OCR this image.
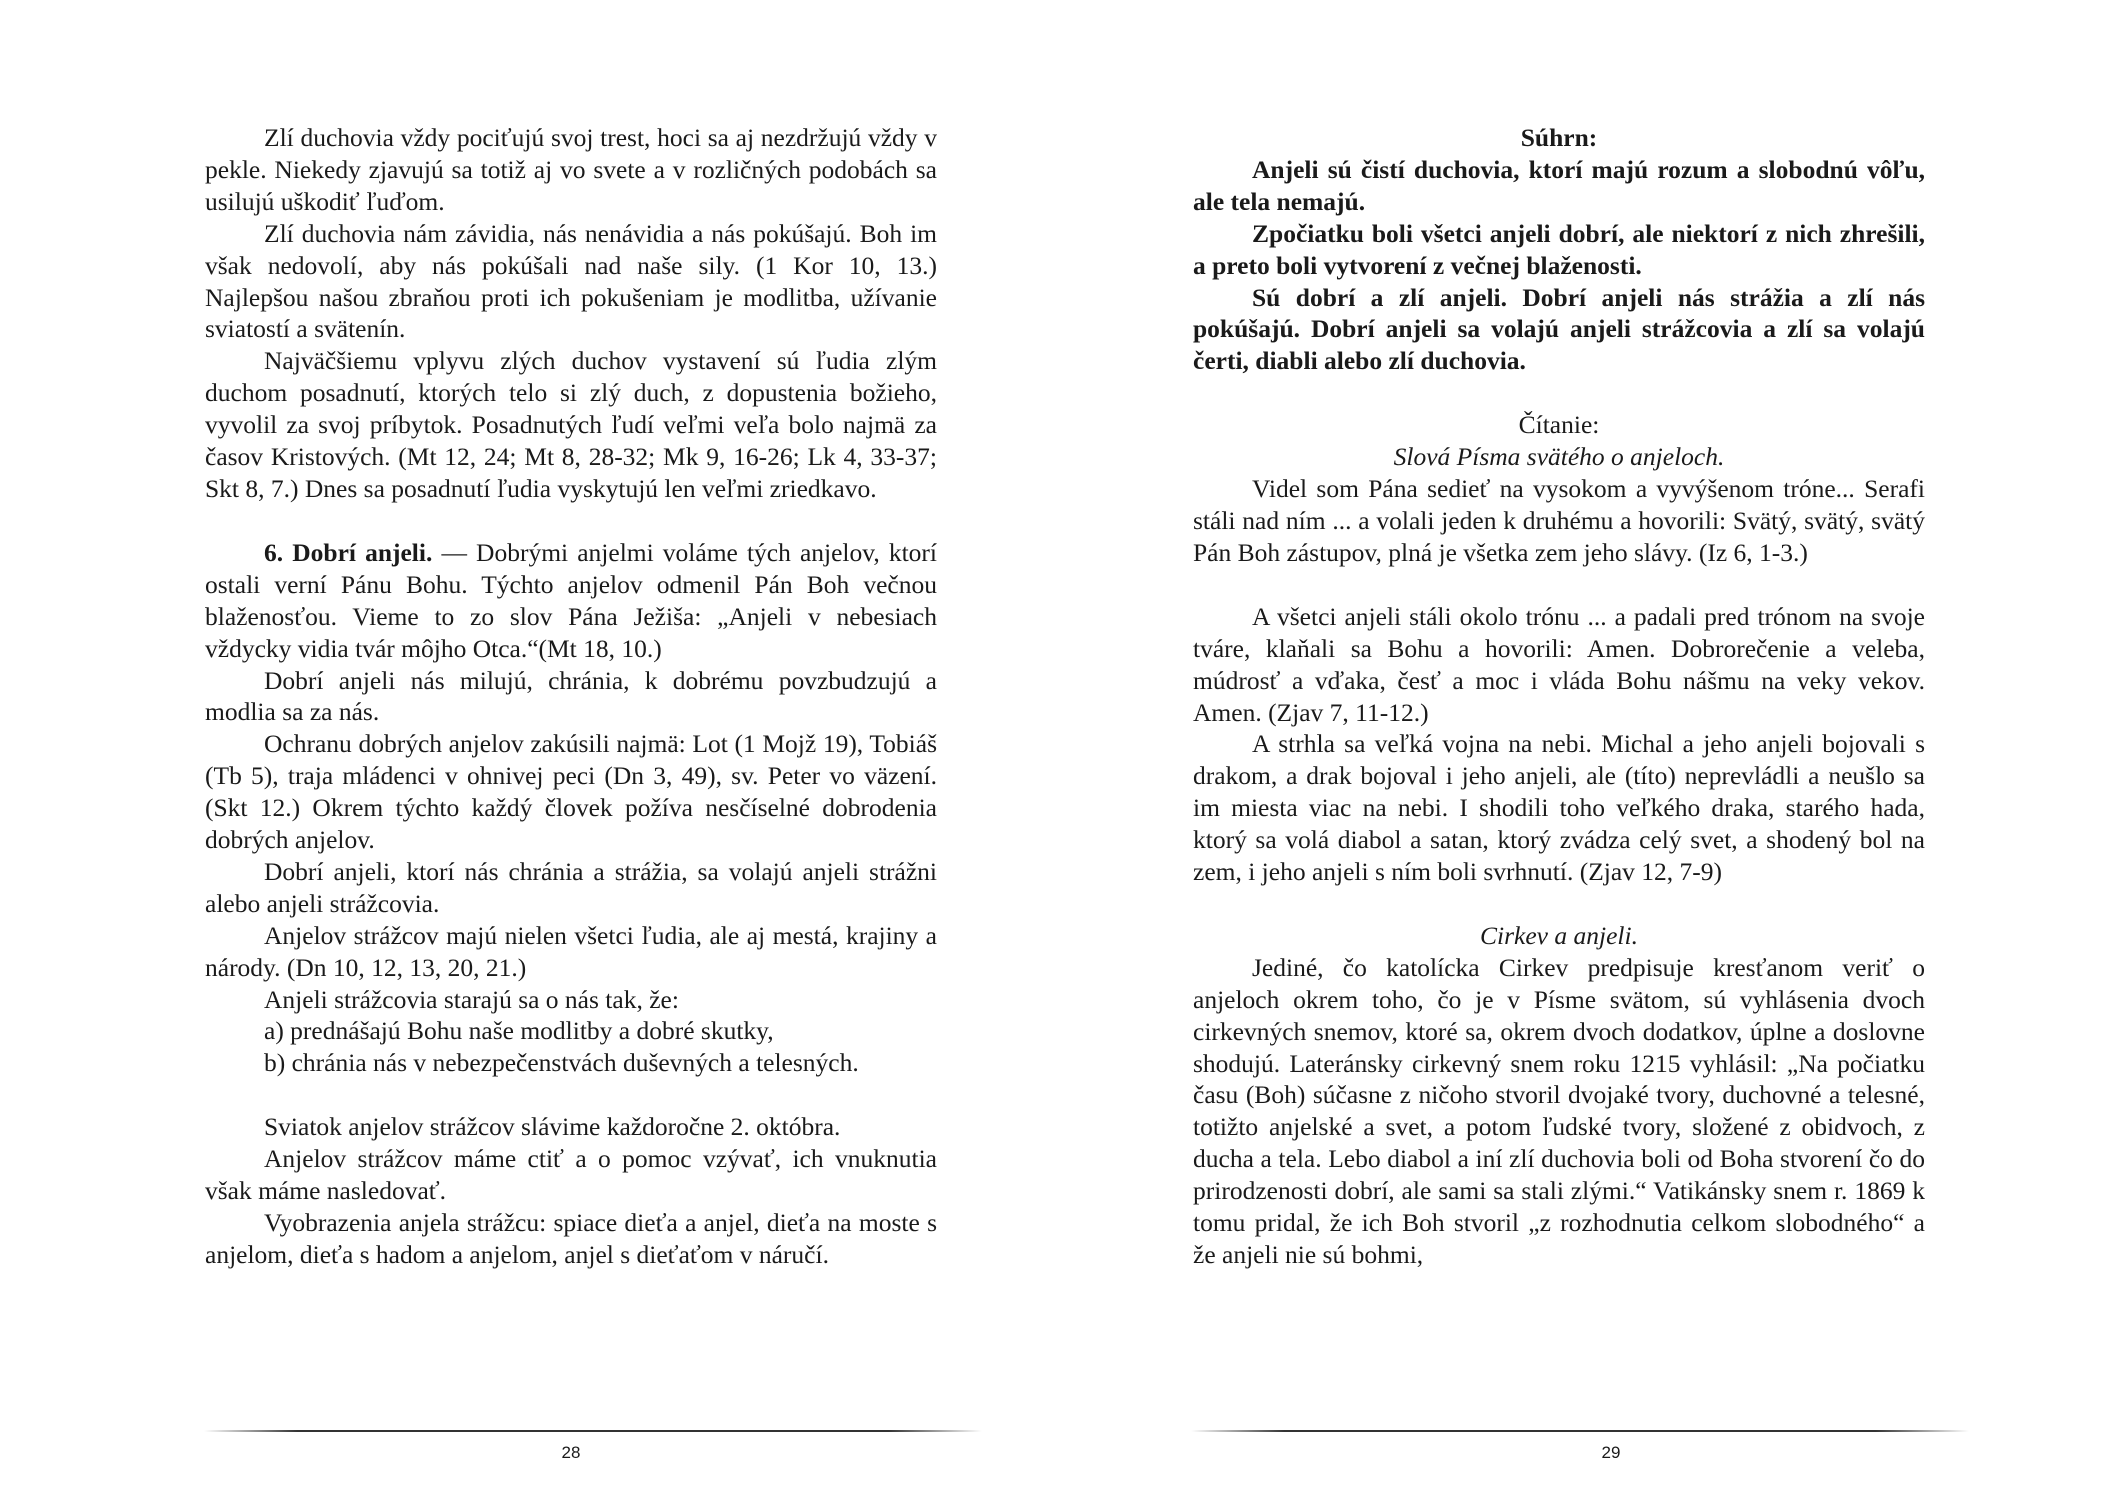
Zlí duchovia vždy pociťujú svoj trest, hoci sa aj nezdržujú vždy v pekle. Niekedy zjavujú sa totiž aj vo svete a v rozličných podobách sa usilujú uškodiť ľuďom.

Zlí duchovia nám závidia, nás nenávidia a nás pokúšajú. Boh im však nedovolí, aby nás pokúšali nad naše sily. (1 Kor 10, 13.) Najlepšou našou zbraňou proti ich pokušeniam je modlitba, užívanie sviatostí a svätenín.

Najväčšiemu vplyvu zlých duchov vystavení sú ľudia zlým duchom posadnutí, ktorých telo si zlý duch, z dopustenia božieho, vyvolil za svoj príbytok. Posadnutých ľudí veľmi veľa bolo najmä za časov Kristových. (Mt 12, 24; Mt 8, 28-32; Mk 9, 16-26; Lk 4, 33-37; Skt 8, 7.) Dnes sa posadnutí ľudia vyskytujú len veľmi zriedkavo.

6. Dobrí anjeli. — Dobrými anjelmi voláme tých anjelov, ktorí ostali verní Pánu Bohu. Týchto anjelov odmenil Pán Boh večnou blaženosťou. Vieme to zo slov Pána Ježiša: „Anjeli v nebesiach vždycky vidia tvár môjho Otca.“(Mt 18, 10.)

Dobrí anjeli nás milujú, chránia, k dobrému povzbudzujú a modlia sa za nás.

Ochranu dobrých anjelov zakúsili najmä: Lot (1 Mojž 19), Tobiáš (Tb 5), traja mládenci v ohnivej peci (Dn 3, 49), sv. Peter vo väzení. (Skt 12.) Okrem týchto každý človek požíva nesčíselné dobrodenia dobrých anjelov.

Dobrí anjeli, ktorí nás chránia a strážia, sa volajú anjeli strážni alebo anjeli strážcovia.

Anjelov strážcov majú nielen všetci ľudia, ale aj mestá, krajiny a národy. (Dn 10, 12, 13, 20, 21.)

Anjeli strážcovia starajú sa o nás tak, že:

a) prednášajú Bohu naše modlitby a dobré skutky,

b) chránia nás v nebezpečenstvách duševných a telesných.

Sviatok anjelov strážcov slávime každoročne 2. októbra.

Anjelov strážcov máme ctiť a o pomoc vzývať, ich vnuknutia však máme nasledovať.

Vyobrazenia anjela strážcu: spiace dieťa a anjel, dieťa na moste s anjelom, dieťa s hadom a anjelom, anjel s dieťaťom v náručí.

28

Súhrn:

Anjeli sú čistí duchovia, ktorí majú rozum a slobodnú vôľu, ale tela nemajú.

Zpočiatku boli všetci anjeli dobrí, ale niektorí z nich zhrešili, a preto boli vytvorení z večnej blaženosti.

Sú dobrí a zlí anjeli. Dobrí anjeli nás strážia a zlí nás pokúšajú. Dobrí anjeli sa volajú anjeli strážcovia a zlí sa volajú čerti, diabli alebo zlí duchovia.

Čítanie:

Slová Písma svätého o anjeloch.

Videl som Pána sedieť na vysokom a vyvýšenom tróne... Serafi stáli nad ním ... a volali jeden k druhému a hovorili: Svätý, svätý, svätý Pán Boh zástupov, plná je všetka zem jeho slávy. (Iz 6, 1-3.)

A všetci anjeli stáli okolo trónu ... a padali pred trónom na svoje tváre, klaňali sa Bohu a hovorili: Amen. Dobrorečenie a veleba, múdrosť a vďaka, česť a moc i vláda Bohu nášmu na veky vekov. Amen. (Zjav 7, 11-12.)

A strhla sa veľká vojna na nebi. Michal a jeho anjeli bojovali s drakom, a drak bojoval i jeho anjeli, ale (títo) neprevládli a neušlo sa im miesta viac na nebi. I shodili toho veľkého draka, starého hada, ktorý sa volá diabol a satan, ktorý zvádza celý svet, a shodený bol na zem, i jeho anjeli s ním boli svrhnutí. (Zjav 12, 7-9)

Cirkev a anjeli.

Jediné, čo katolícka Cirkev predpisuje kresťanom veriť o anjeloch okrem toho, čo je v Písme svätom, sú vyhlásenia dvoch cirkevných snemov, ktoré sa, okrem dvoch dodatkov, úplne a doslovne shodujú. Lateránsky cirkevný snem roku 1215 vyhlásil: „Na počiatku času (Boh) súčasne z ničoho stvoril dvojaké tvory, duchovné a telesné, totižto anjelské a svet, a potom ľudské tvory, složené z obidvoch, z ducha a tela. Lebo diabol a iní zlí duchovia boli od Boha stvorení čo do prirodzenosti dobrí, ale sami sa stali zlými.“ Vatikánsky snem r. 1869 k tomu pridal, že ich Boh stvoril „z rozhodnutia celkom slobodného“ a že anjeli nie sú bohmi,

29
